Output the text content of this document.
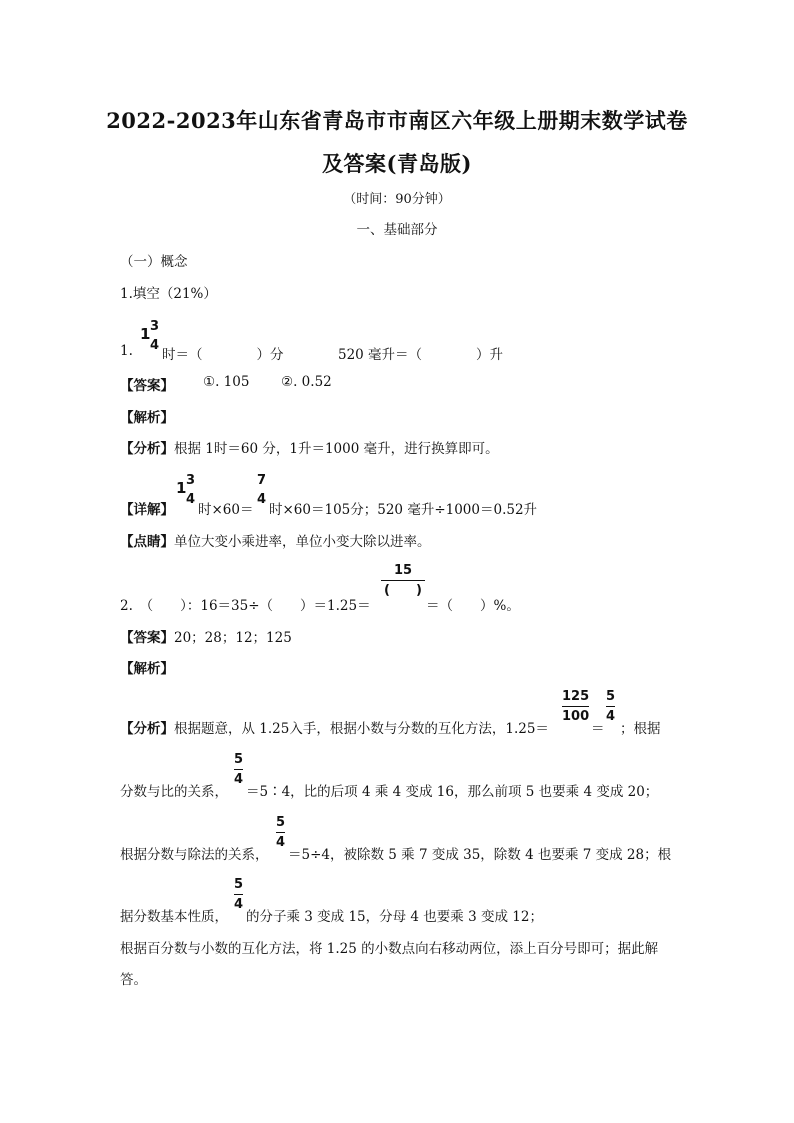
2022-2023年山东省青岛市市南区六年级上册期末数学试卷
及答案(青岛版)
（时间：90分钟）
一、基础部分
（一）概念
1.填空（21%）
1.
1 3
4
时＝（　　　　）分	520 毫升＝（　　　　）升
【答案】 ①. 105 ②. 0.52
【解析】
【分析】根据 1时＝60 分，1升＝1000 毫升，进行换算即可。
【详解】
1 3
4
时×60＝
7
4
时×60＝105分；520 毫升÷1000＝0.52升
【点睛】单位大变小乘进率，单位小变大除以进率。
2.　（　　）：16＝35÷（　　）＝1.25＝
$\frac{15}{( )}$
＝（　　）%。
【答案】20；28；12；125
【解析】
【分析】根据题意，从 1.25入手，根据小数与分数的互化方法，1.25＝
$\frac{125}{100}$
＝
$\frac{5}{4}$
；根据
分数与比的关系，
$\frac{5}{4}$
＝5∶4，比的后项 4 乘 4 变成 16，那么前项 5 也要乘 4 变成 20；
根据分数与除法的关系，
$\frac{5}{4}$
＝5÷4，被除数 5 乘 7 变成 35，除数 4 也要乘 7 变成 28；根
据分数基本性质，
$\frac{5}{4}$
的分子乘 3 变成 15，分母 4 也要乘 3 变成 12；
根据百分数与小数的互化方法，将 1.25 的小数点向右移动两位，添上百分号即可；据此解
答。
